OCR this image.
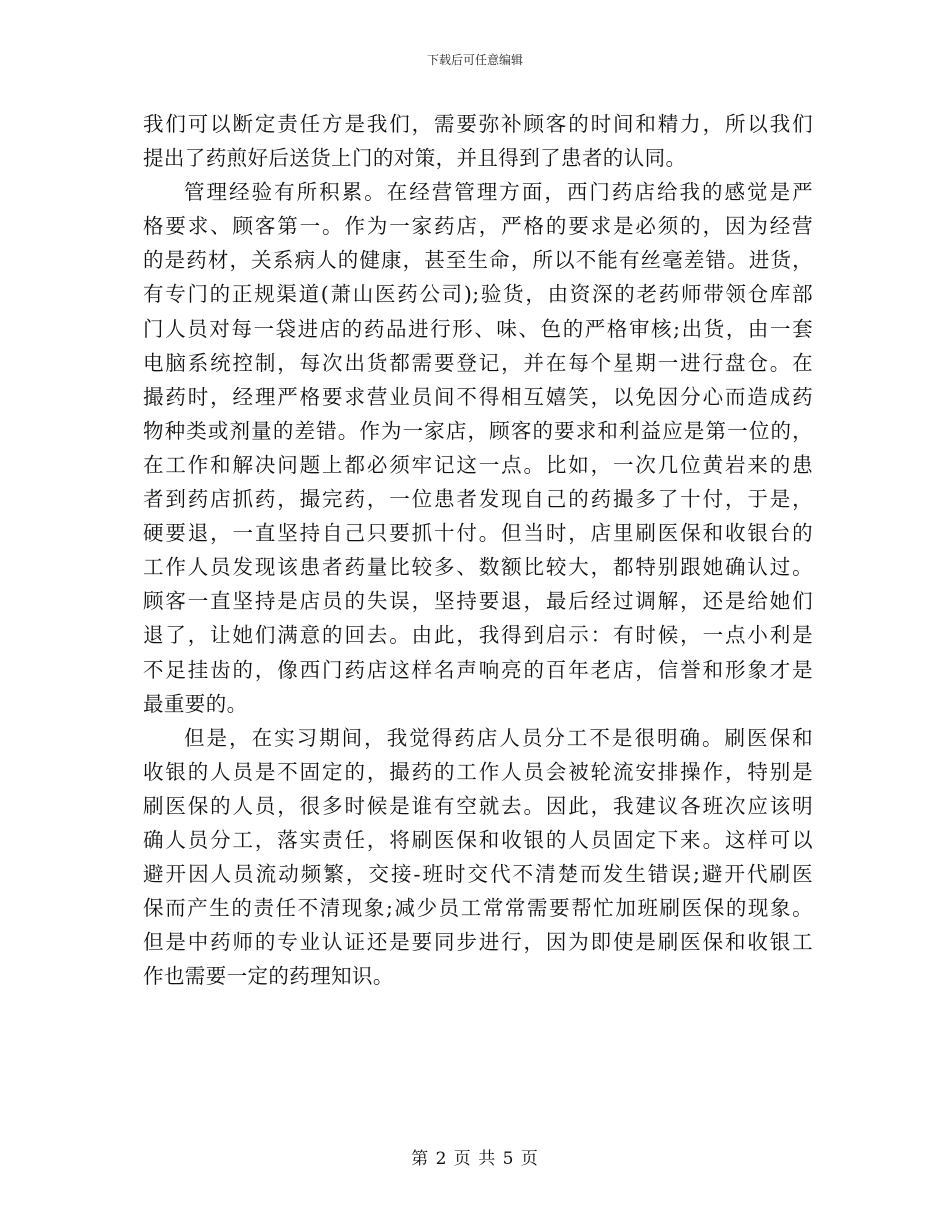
下载后可任意编辑
我们可以断定责任方是我们，需要弥补顾客的时间和精力，所以我们
提出了药煎好后送货上门的对策，并且得到了患者的认同。
管理经验有所积累。在经营管理方面，西门药店给我的感觉是严
格要求、顾客第一。作为一家药店，严格的要求是必须的，因为经营
的是药材，关系病人的健康，甚至生命，所以不能有丝毫差错。进货，
有专门的正规渠道(萧山医药公司);验货，由资深的老药师带领仓库部
门人员对每一袋进店的药品进行形、味、色的严格审核;出货，由一套
电脑系统控制，每次出货都需要登记，并在每个星期一进行盘仓。在
撮药时，经理严格要求营业员间不得相互嬉笑，以免因分心而造成药
物种类或剂量的差错。作为一家店，顾客的要求和利益应是第一位的，
在工作和解决问题上都必须牢记这一点。比如，一次几位黄岩来的患
者到药店抓药，撮完药，一位患者发现自己的药撮多了十付，于是，
硬要退，一直坚持自己只要抓十付。但当时，店里刷医保和收银台的
工作人员发现该患者药量比较多、数额比较大，都特别跟她确认过。
顾客一直坚持是店员的失误，坚持要退，最后经过调解，还是给她们
退了，让她们满意的回去。由此，我得到启示：有时候，一点小利是
不足挂齿的，像西门药店这样名声响亮的百年老店，信誉和形象才是
最重要的。
但是，在实习期间，我觉得药店人员分工不是很明确。刷医保和
收银的人员是不固定的，撮药的工作人员会被轮流安排操作，特别是
刷医保的人员，很多时候是谁有空就去。因此，我建议各班次应该明
确人员分工，落实责任，将刷医保和收银的人员固定下来。这样可以
避开因人员流动频繁，交接-班时交代不清楚而发生错误;避开代刷医
保而产生的责任不清现象;减少员工常常需要帮忙加班刷医保的现象。
但是中药师的专业认证还是要同步进行，因为即使是刷医保和收银工
作也需要一定的药理知识。
第 2 页 共 5 页
